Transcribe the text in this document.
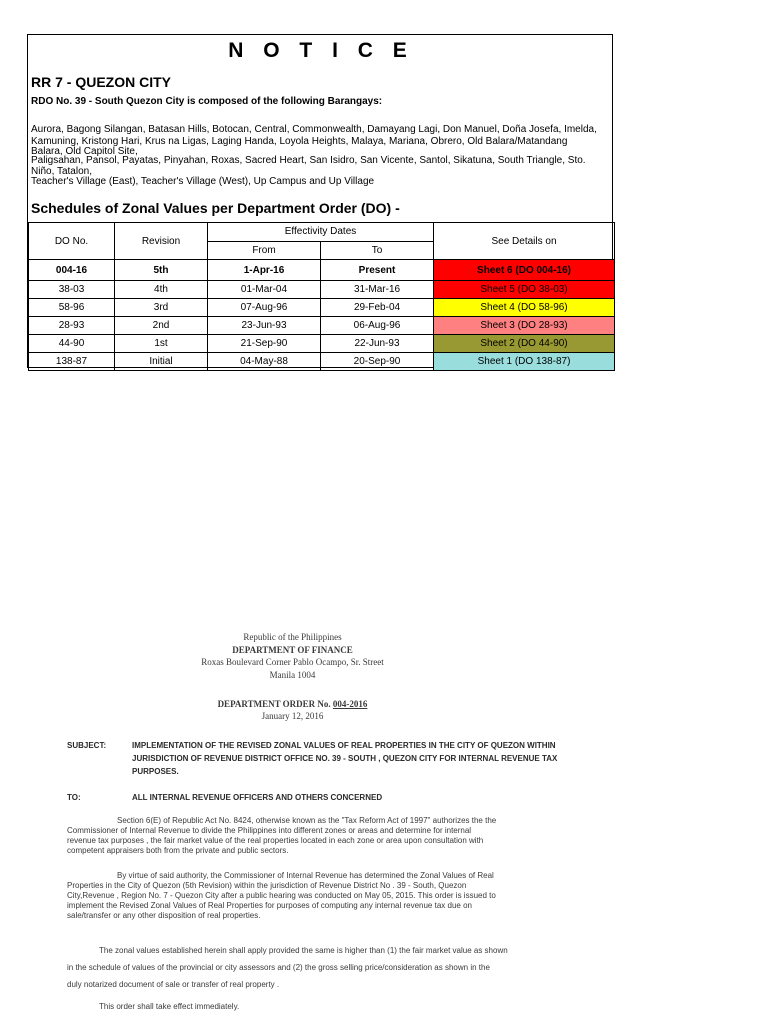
N O T I C E
RR 7 - QUEZON CITY
RDO No. 39 - South Quezon City is composed of the following Barangays:
Aurora, Bagong Silangan, Batasan Hills, Botocan, Central, Commonwealth, Damayang Lagi, Don Manuel, Doña Josefa, Imelda,
Kamuning, Kristong Hari, Krus na Ligas, Laging Handa, Loyola Heights, Malaya, Mariana, Obrero, Old Balara/Matandang
Balara, Old Capitol Site,
Paligsahan, Pansol, Payatas, Pinyahan, Roxas, Sacred Heart, San Isidro, San Vicente, Santol, Sikatuna, South Triangle, Sto.
Niño, Tatalon,
Teacher's Village (East), Teacher's Village (West), Up Campus and Up Village
Schedules of Zonal Values per Department Order (DO) -
DO No.	Revision	Effectivity Dates		See Details on
		From	To	
004-16	5th	1-Apr-16	Present	Sheet 6 (DO 004-16)
38-03	4th	01-Mar-04	31-Mar-16	Sheet 5 (DO 38-03)
58-96	3rd	07-Aug-96	29-Feb-04	Sheet 4 (DO 58-96)
28-93	2nd	23-Jun-93	06-Aug-96	Sheet 3 (DO 28-93)
44-90	1st	21-Sep-90	22-Jun-93	Sheet 2 (DO 44-90)
138-87	Initial	04-May-88	20-Sep-90	Sheet 1 (DO 138-87)
Republic of the Philippines
DEPARTMENT OF FINANCE
Roxas Boulevard Corner Pablo Ocampo, Sr. Street
Manila 1004
DEPARTMENT ORDER No. 004-2016
January 12, 2016
SUBJECT:	IMPLEMENTATION OF THE REVISED ZONAL VALUES OF REAL PROPERTIES IN THE CITY OF QUEZON WITHIN
JURISDICTION OF REVENUE DISTRICT OFFICE NO. 39 - SOUTH , QUEZON CITY FOR INTERNAL REVENUE TAX
PURPOSES.
TO:	ALL INTERNAL REVENUE OFFICERS AND OTHERS CONCERNED
Section 6(E) of Republic Act No. 8424, otherwise known as the "Tax Reform Act of 1997" authorizes the the
Commissioner of Internal Revenue to divide the Philippines into different zones or areas and determine for internal
revenue tax purposes , the fair market value of the real properties located in each zone or area upon consultation with
competent appraisers both from the private and public sectors.
By virtue of said authority, the Commissioner of Internal Revenue has determined the Zonal Values of Real
Properties in the City of Quezon (5th Revision) within the jurisdiction of Revenue District No . 39 - South, Quezon
City,Revenue , Region No. 7 - Quezon City after a public hearing was conducted on May 05, 2015. This order is issued to
implement the Revised Zonal Values of Real Properties for purposes of computing any internal revenue tax due on
sale/transfer or any other disposition of real properties.
The zonal values established herein shall apply provided the same is higher than (1) the fair market value as shown
in the schedule of values of the provincial or city assessors and (2) the gross selling price/consideration as shown in the
duly notarized document of sale or transfer of real property .
This order shall take effect immediately.
